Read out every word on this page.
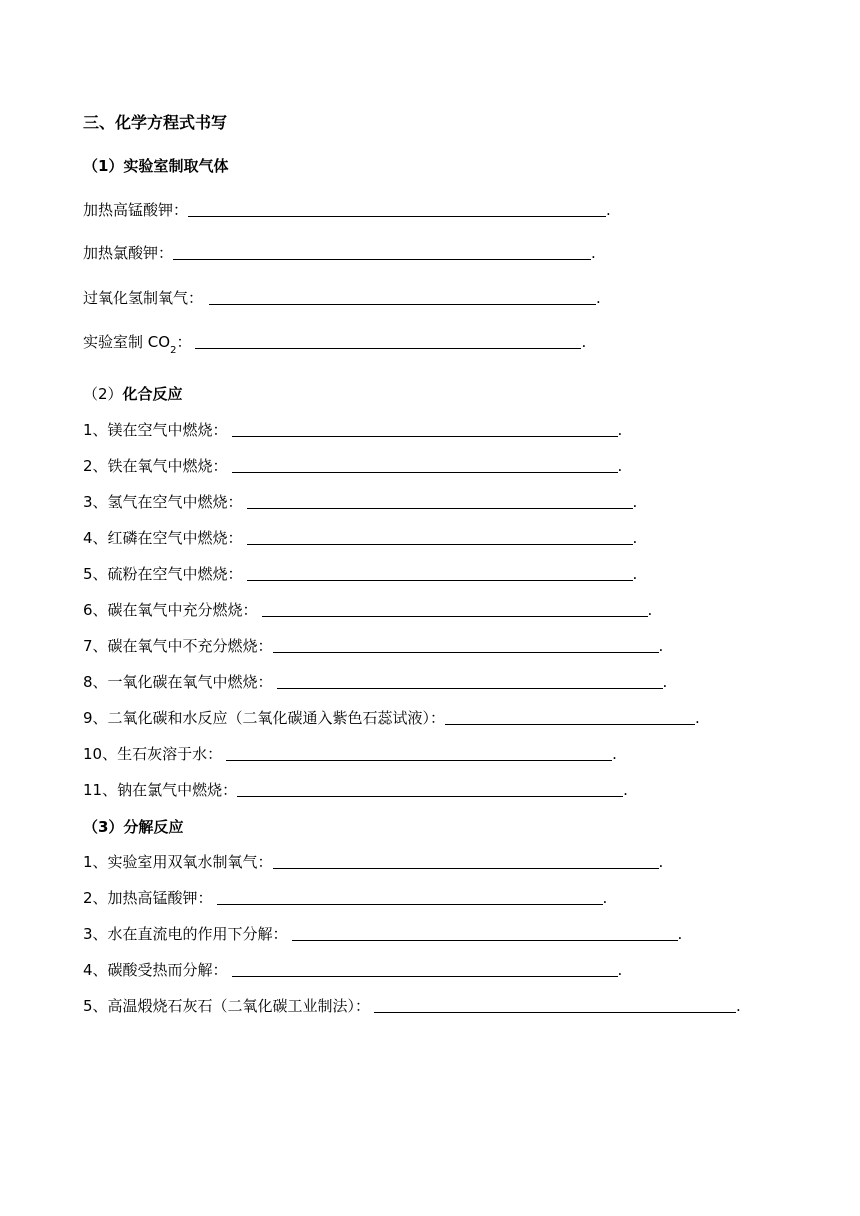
三、化学方程式书写
（1）实验室制取气体
加热高锰酸钾：	.
加热氯酸钾：	.
过氧化氢制氧气：	.
实验室制 CO 2 ：	.
（2） 化合反应
1、镁在空气中燃烧：	.
2、铁在氧气中燃烧：	.
3、氢气在空气中燃烧：	.
4、红磷在空气中燃烧：	.
5、硫粉在空气中燃烧：	.
6、碳在氧气中充分燃烧：	.
7、碳在氧气中不充分燃烧：	.
8、一氧化碳在氧气中燃烧：	.
9、二氧化碳和水反应（二氧化碳通入紫色石蕊试液）：	.
10、生石灰溶于水：	.
11、钠在氯气中燃烧：	.
（3）分解反应
1、实验室用双氧水制氧气：	.
2、加热高锰酸钾：	.
3、水在直流电的作用下分解：	.
4、碳酸受热而分解：	.
5、高温煅烧石灰石（二氧化碳工业制法）：	.
